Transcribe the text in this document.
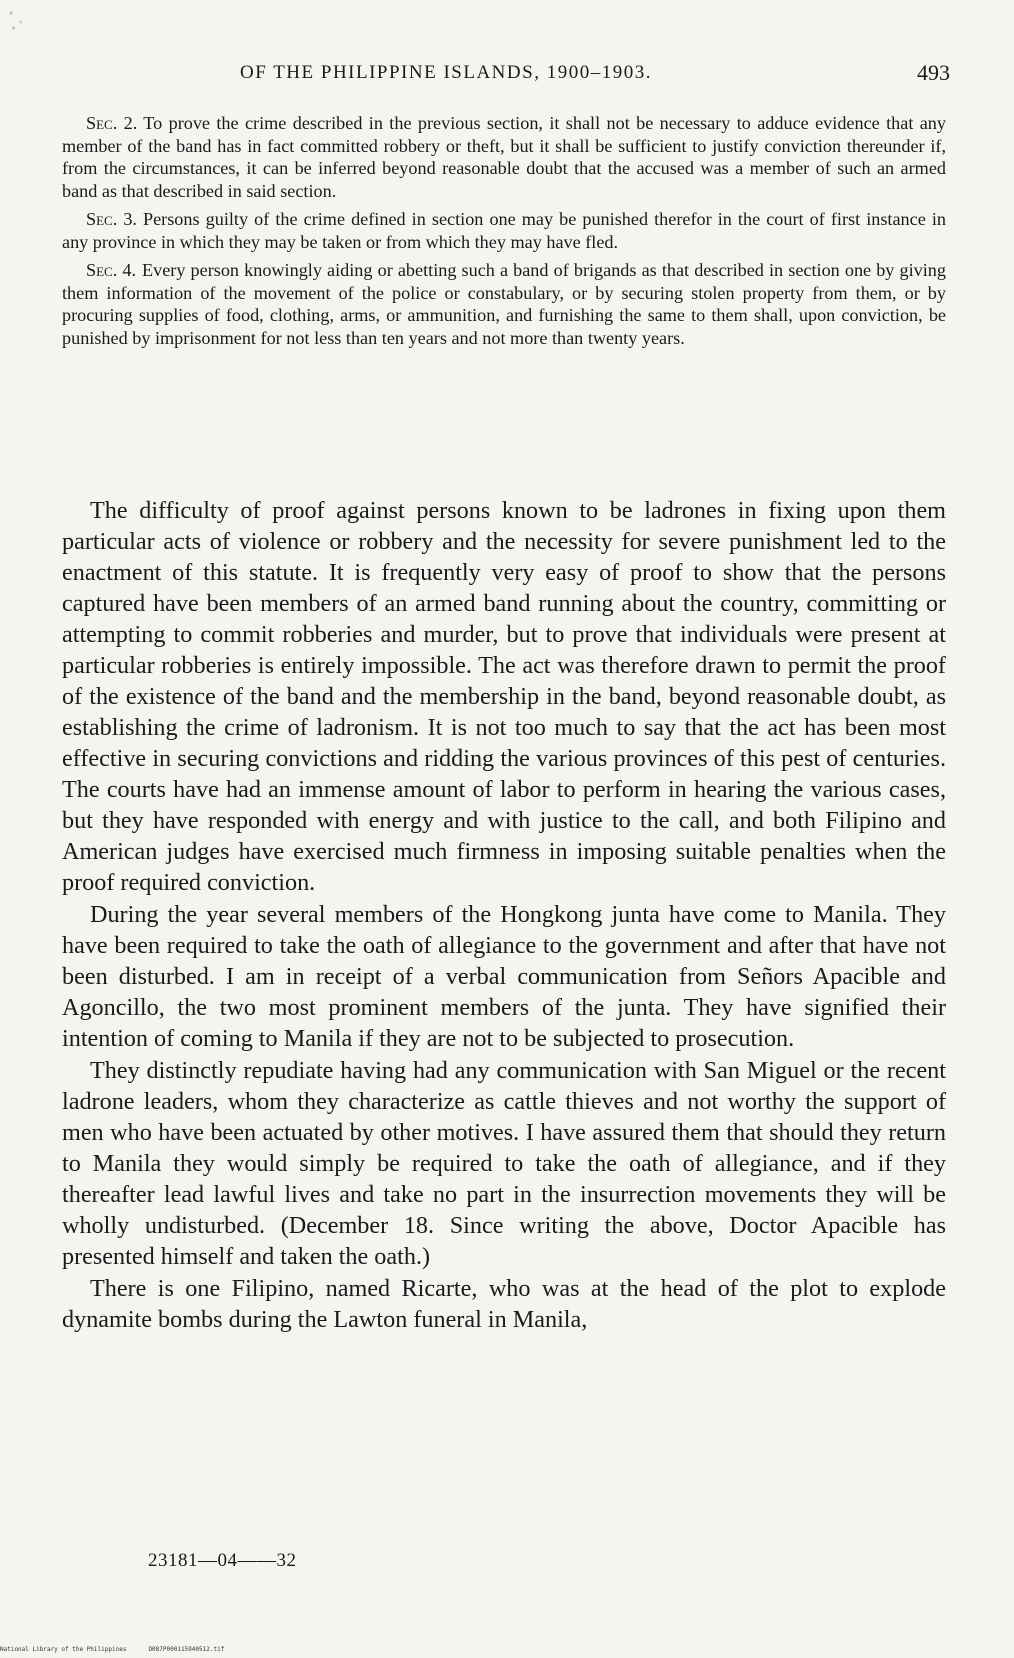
OF THE PHILIPPINE ISLANDS, 1900–1903.	493

Sec. 2. To prove the crime described in the previous section, it shall not be necessary to adduce evidence that any member of the band has in fact committed robbery or theft, but it shall be sufficient to justify conviction thereunder if, from the circumstances, it can be inferred beyond reasonable doubt that the accused was a member of such an armed band as that described in said section.

Sec. 3. Persons guilty of the crime defined in section one may be punished therefor in the court of first instance in any province in which they may be taken or from which they may have fled.

Sec. 4. Every person knowingly aiding or abetting such a band of brigands as that described in section one by giving them information of the movement of the police or constabulary, or by securing stolen property from them, or by procuring supplies of food, clothing, arms, or ammunition, and furnishing the same to them shall, upon conviction, be punished by imprisonment for not less than ten years and not more than twenty years.

The difficulty of proof against persons known to be ladrones in fixing upon them particular acts of violence or robbery and the necessity for severe punishment led to the enactment of this statute. It is frequently very easy of proof to show that the persons captured have been members of an armed band running about the country, committing or attempting to commit robberies and murder, but to prove that individuals were present at particular robberies is entirely impossible. The act was therefore drawn to permit the proof of the existence of the band and the membership in the band, beyond reasonable doubt, as establishing the crime of ladronism. It is not too much to say that the act has been most effective in securing convictions and ridding the various provinces of this pest of centuries. The courts have had an immense amount of labor to perform in hearing the various cases, but they have responded with energy and with justice to the call, and both Filipino and American judges have exercised much firmness in imposing suitable penalties when the proof required conviction.

During the year several members of the Hongkong junta have come to Manila. They have been required to take the oath of allegiance to the government and after that have not been disturbed. I am in receipt of a verbal communication from Señors Apacible and Agoncillo, the two most prominent members of the junta. They have signified their intention of coming to Manila if they are not to be subjected to prosecution.

They distinctly repudiate having had any communication with San Miguel or the recent ladrone leaders, whom they characterize as cattle thieves and not worthy the support of men who have been actuated by other motives. I have assured them that should they return to Manila they would simply be required to take the oath of allegiance, and if they thereafter lead lawful lives and take no part in the insurrection movements they will be wholly undisturbed. (December 18. Since writing the above, Doctor Apacible has presented himself and taken the oath.)

There is one Filipino, named Ricarte, who was at the head of the plot to explode dynamite bombs during the Lawton funeral in Manila,

23181—04——32
National Library of the Philippines	D087P000115940512.tif
